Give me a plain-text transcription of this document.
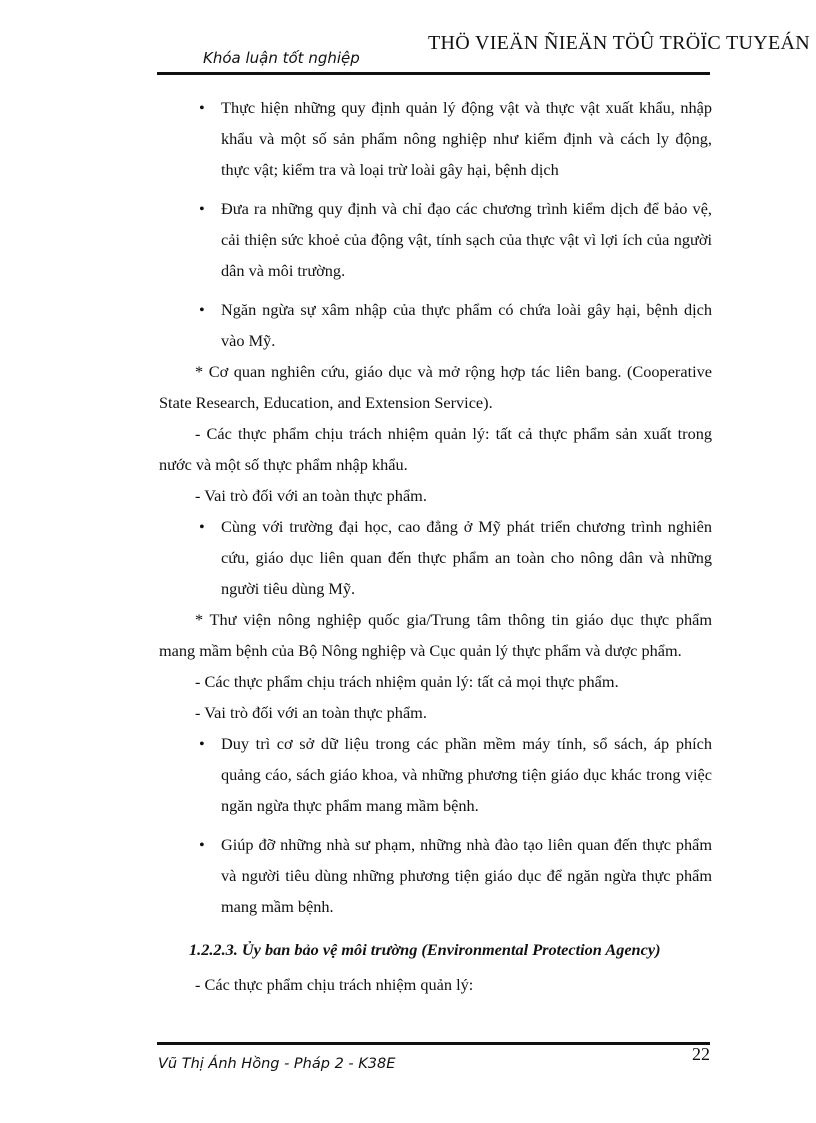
Khóa luận tốt nghiệp
THÖ VIEÄN ÑIEÄN TÖÛ TRÖÏC TUYEÁN
• Thực hiện những quy định quản lý động vật và thực vật xuất khẩu, nhập khẩu và một số sản phẩm nông nghiệp như kiểm định và cách ly động, thực vật; kiểm tra và loại trừ loài gây hại, bệnh dịch
• Đưa ra những quy định và chỉ đạo các chương trình kiểm dịch để bảo vệ, cải thiện sức khoẻ của động vật, tính sạch của thực vật vì lợi ích của người dân và môi trường.
• Ngăn ngừa sự xâm nhập của thực phẩm có chứa loài gây hại, bệnh dịch vào Mỹ.

* Cơ quan nghiên cứu, giáo dục và mở rộng hợp tác liên bang. (Cooperative State Research, Education, and Extension Service).

- Các thực phẩm chịu trách nhiệm quản lý: tất cả thực phẩm sản xuất trong nước và một số thực phẩm nhập khẩu.

- Vai trò đối với an toàn thực phẩm.

• Cùng với trường đại học, cao đẳng ở Mỹ phát triển chương trình nghiên cứu, giáo dục liên quan đến thực phẩm an toàn cho nông dân và những người tiêu dùng Mỹ.

* Thư viện nông nghiệp quốc gia/Trung tâm thông tin giáo dục thực phẩm mang mầm bệnh của Bộ Nông nghiệp và Cục quản lý thực phẩm và dược phẩm.

- Các thực phẩm chịu trách nhiệm quản lý: tất cả mọi thực phẩm.

- Vai trò đối với an toàn thực phẩm.

• Duy trì cơ sở dữ liệu trong các phần mềm máy tính, sổ sách, áp phích quảng cáo, sách giáo khoa, và những phương tiện giáo dục khác trong việc ngăn ngừa thực phẩm mang mầm bệnh.
• Giúp đỡ những nhà sư phạm, những nhà đào tạo liên quan đến thực phẩm và người tiêu dùng những phương tiện giáo dục để ngăn ngừa thực phẩm mang mầm bệnh.
1.2.2.3. Ủy ban bảo vệ môi trường (Environmental Protection Agency)

- Các thực phẩm chịu trách nhiệm quản lý:

Vũ Thị Ánh Hồng - Pháp 2 - K38E	22
